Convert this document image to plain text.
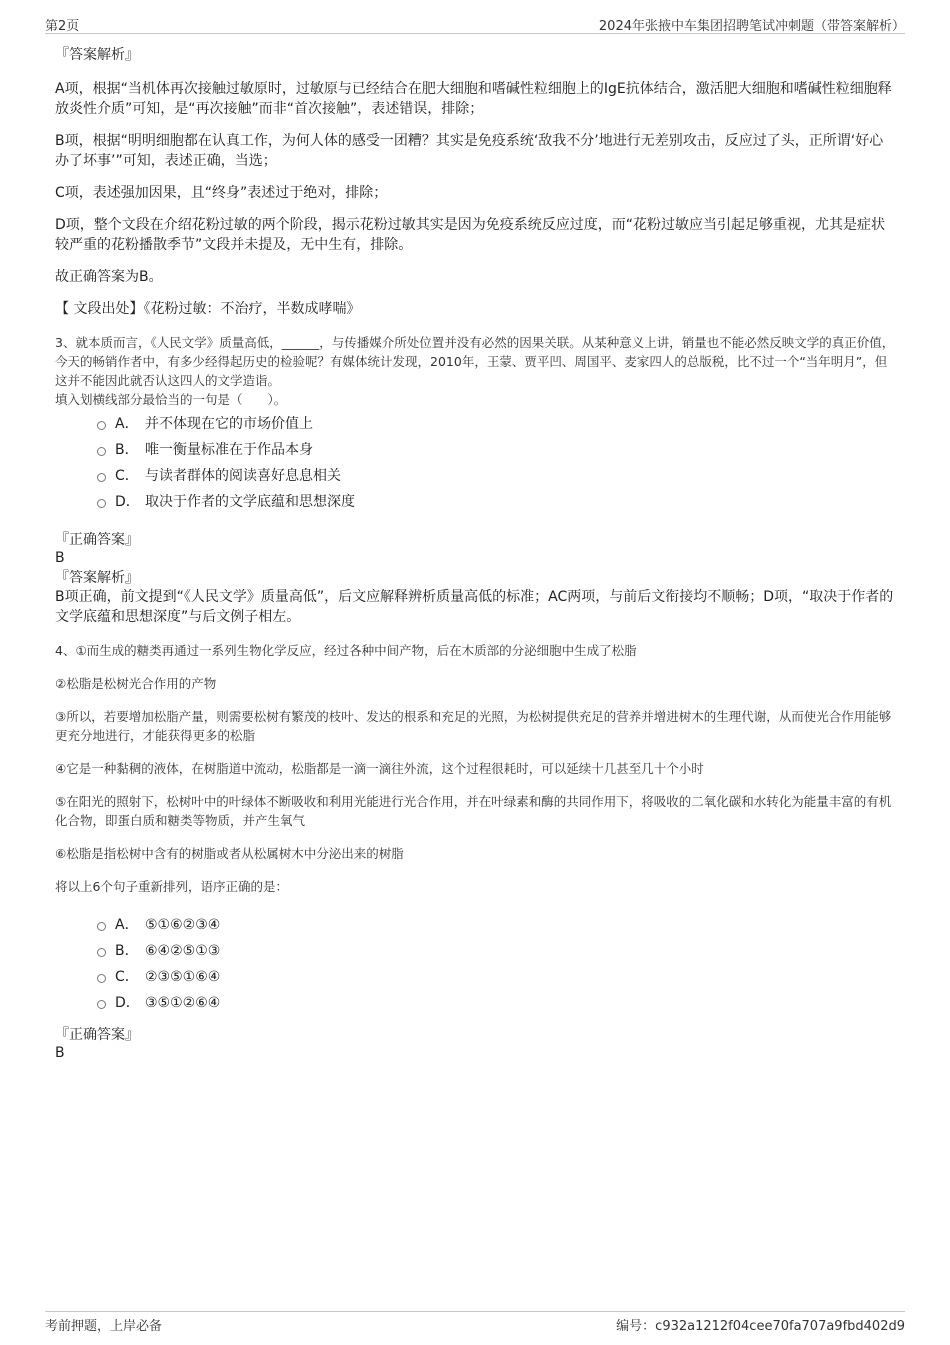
第2页	2024年张掖中车集团招聘笔试冲刺题（带答案解析）

『答案解析』

A项，根据“当机体再次接触过敏原时，过敏原与已经结合在肥大细胞和嗜碱性粒细胞上的IgE抗体结合，激活肥大细胞和嗜碱性粒细胞释放炎性介质”可知，是“再次接触”而非“首次接触”，表述错误，排除；

B项，根据“明明细胞都在认真工作，为何人体的感受一团糟？其实是免疫系统‘敌我不分’地进行无差别攻击，反应过了头，正所谓‘好心办了坏事’”可知，表述正确，当选；

C项，表述强加因果，且“终身”表述过于绝对，排除；

D项，整个文段在介绍花粉过敏的两个阶段，揭示花粉过敏其实是因为免疫系统反应过度，而“花粉过敏应当引起足够重视，尤其是症状较严重的花粉播散季节”文段并未提及，无中生有，排除。

故正确答案为B。

【 文段出处】《花粉过敏：不治疗，半数成哮喘》

3、就本质而言，《人民文学》质量高低，______，与传播媒介所处位置并没有必然的因果关联。从某种意义上讲，销量也不能必然反映文学的真正价值，今天的畅销作者中，有多少经得起历史的检验呢？有媒体统计发现，2010年，王蒙、贾平凹、周国平、麦家四人的总版税，比不过一个“当年明月”，但这并不能因此就否认这四人的文学造诣。

填入划横线部分最恰当的一句是（　　）。

A． 并不体现在它的市场价值上
B． 唯一衡量标准在于作品本身
C． 与读者群体的阅读喜好息息相关
D． 取决于作者的文学底蕴和思想深度

『正确答案』

B

『答案解析』

B项正确，前文提到“《人民文学》质量高低”，后文应解释辨析质量高低的标准；AC两项，与前后文衔接均不顺畅；D项，“取决于作者的文学底蕴和思想深度”与后文例子相左。

4、①而生成的糖类再通过一系列生物化学反应，经过各种中间产物，后在木质部的分泌细胞中生成了松脂

②松脂是松树光合作用的产物

③所以，若要增加松脂产量，则需要松树有繁茂的枝叶、发达的根系和充足的光照，为松树提供充足的营养并增进树木的生理代谢，从而使光合作用能够更充分地进行，才能获得更多的松脂

④它是一种黏稠的液体，在树脂道中流动，松脂都是一滴一滴往外流，这个过程很耗时，可以延续十几甚至几十个小时

⑤在阳光的照射下，松树叶中的叶绿体不断吸收和利用光能进行光合作用，并在叶绿素和酶的共同作用下，将吸收的二氧化碳和水转化为能量丰富的有机化合物，即蛋白质和糖类等物质，并产生氧气

⑥松脂是指松树中含有的树脂或者从松属树木中分泌出来的树脂

将以上6个句子重新排列，语序正确的是：

A． ⑤①⑥②③④
B． ⑥④②⑤①③
C． ②③⑤①⑥④
D． ③⑤①②⑥④

『正确答案』

B

考前押题，上岸必备	编号：c932a1212f04cee70fa707a9fbd402d9
